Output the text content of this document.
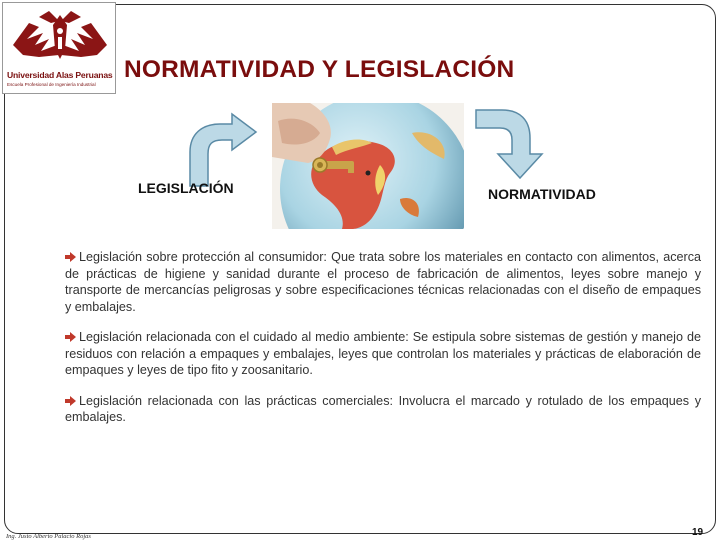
Universidad Alas Peruanas
Escuela Profesional de Ingeniería Industrial
NORMATIVIDAD Y LEGISLACIÓN
LEGISLACIÓN	NORMATIVIDAD
Legislación sobre protección al consumidor: Que trata sobre los materiales en contacto con alimentos, acerca de prácticas de higiene y sanidad durante el proceso de fabricación de alimentos, leyes sobre manejo y transporte de mercancías peligrosas y sobre especificaciones técnicas relacionadas con el diseño de empaques y embalajes.
Legislación relacionada con el cuidado al medio ambiente: Se estipula sobre sistemas de gestión y manejo de residuos con relación a empaques y embalajes, leyes que controlan los materiales y prácticas de elaboración de empaques y leyes de tipo fito y zoosanitario.
Legislación relacionada con las prácticas comerciales: Involucra el marcado y rotulado de los empaques y embalajes.
Ing. Justo Alberto Palacio Rojas	19
